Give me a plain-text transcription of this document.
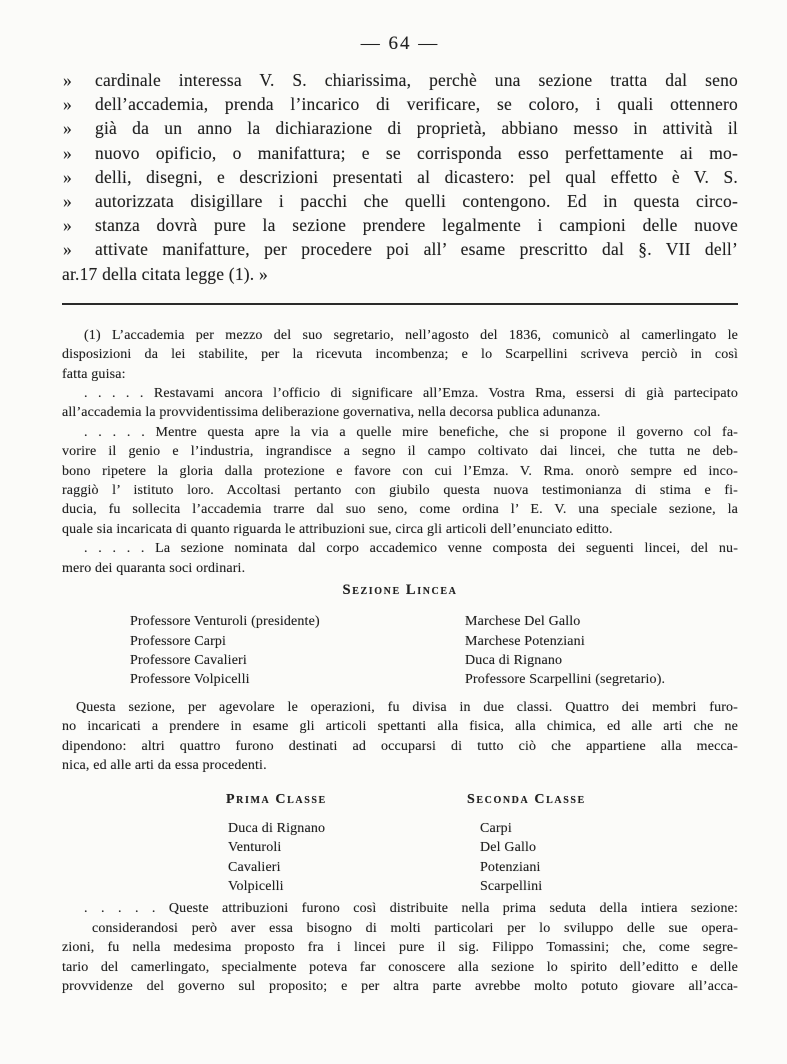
— 64 —
» cardinale interessa V. S. chiarissima, perchè una sezione tratta dal seno
» dell’accademia, prenda l’incarico di verificare, se coloro, i quali ottennero
» già da un anno la dichiarazione di proprietà, abbiano messo in attività il
» nuovo opificio, o manifattura; e se corrisponda esso perfettamente ai mo-
» delli, disegni, e descrizioni presentati al dicastero: pel qual effetto è V. S.
» autorizzata disigillare i pacchi che quelli contengono. Ed in questa circo-
» stanza dovrà pure la sezione prendere legalmente i campioni delle nuove
» attivate manifatture, per procedere poi all’ esame prescritto dal §. VII dell’
ar.17 della citata legge (1). »
(1) L’accademia per mezzo del suo segretario, nell’agosto del 1836, comunicò al camerlingato le
disposizioni da lei stabilite, per la ricevuta incombenza; e lo Scarpellini scriveva perciò in così
fatta guisa:
. . . . . Restavami ancora l’officio di significare all’Emza. Vostra Rma, essersi di già partecipato
all’accademia la provvidentissima deliberazione governativa, nella decorsa publica adunanza.
. . . . . Mentre questa apre la via a quelle mire benefiche, che si propone il governo col fa-
vorire il genio e l’industria, ingrandisce a segno il campo coltivato dai lincei, che tutta ne deb-
bono ripetere la gloria dalla protezione e favore con cui l’Emza. V. Rma. onorò sempre ed inco-
raggiò l’ istituto loro. Accoltasi pertanto con giubilo questa nuova testimonianza di stima e fi-
ducia, fu sollecita l’accademia trarre dal suo seno, come ordina l’ E. V. una speciale sezione, la
quale sia incaricata di quanto riguarda le attribuzioni sue, circa gli articoli dell’enunciato editto.
. . . . . La sezione nominata dal corpo accademico venne composta dei seguenti lincei, del nu-
mero dei quaranta soci ordinari.
Sezione Lincea
Professore Venturoli (presidente)
Professore Carpi
Professore Cavalieri
Professore Volpicelli
Marchese Del Gallo
Marchese Potenziani
Duca di Rignano
Professore Scarpellini (segretario).
Questa sezione, per agevolare le operazioni, fu divisa in due classi. Quattro dei membri furo-
no incaricati a prendere in esame gli articoli spettanti alla fisica, alla chimica, ed alle arti che ne
dipendono: altri quattro furono destinati ad occuparsi di tutto ciò che appartiene alla mecca-
nica, ed alle arti da essa procedenti.
Prima Classe	Seconda Classe
Duca di Rignano
Venturoli
Cavalieri
Volpicelli
Carpi
Del Gallo
Potenziani
Scarpellini
. . . . . Queste attribuzioni furono così distribuite nella prima seduta della intiera sezione:
considerandosi però aver essa bisogno di molti particolari per lo sviluppo delle sue opera-
zioni, fu nella medesima proposto fra i lincei pure il sig. Filippo Tomassini; che, come segre-
tario del camerlingato, specialmente poteva far conoscere alla sezione lo spirito dell’editto e delle
provvidenze del governo sul proposito; e per altra parte avrebbe molto potuto giovare all’acca-
